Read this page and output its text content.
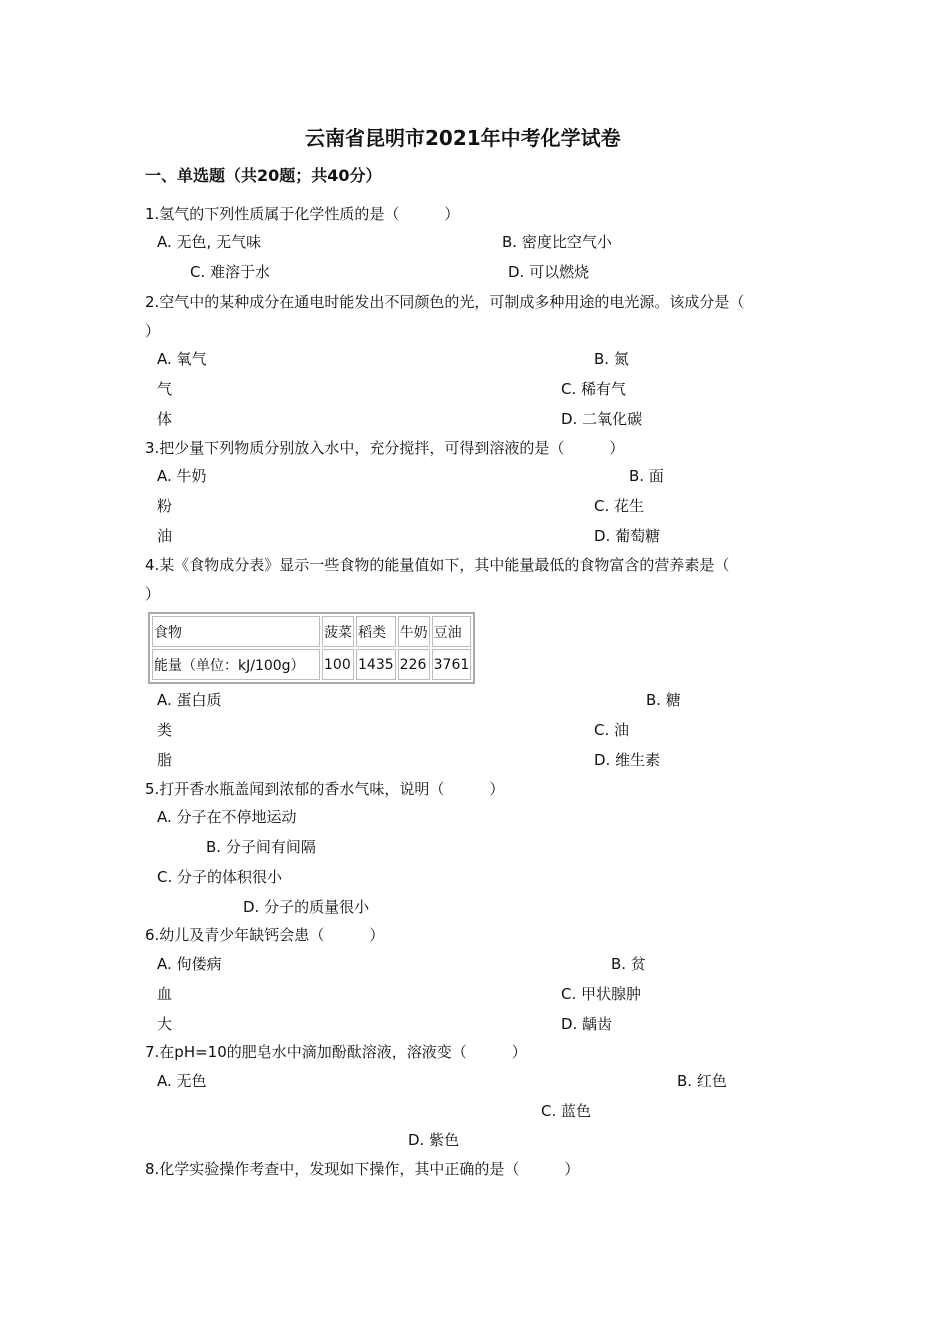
云南省昆明市2021年中考化学试卷
一、单选题（共20题；共40分）
1.氢气的下列性质属于化学性质的是（　　　）
A. 无色, 无气味	B. 密度比空气小
C. 难溶于水	D. 可以燃烧
2.空气中的某种成分在通电时能发出不同颜色的光，可制成多种用途的电光源。该成分是（
）
A. 氧气	B. 氮
气	C. 稀有气
体	D. 二氧化碳
3.把少量下列物质分别放入水中，充分搅拌，可得到溶液的是（　　　）
A. 牛奶	B. 面
粉	C. 花生
油	D. 葡萄糖
4.某《食物成分表》显示一些食物的能量值如下，其中能量最低的食物富含的营养素是（
）
食物	菠菜	稻类	牛奶	豆油
能量（单位：kJ/100g）	100	1435	226	3761
A. 蛋白质	B. 糖
类	C. 油
脂	D. 维生素
5.打开香水瓶盖闻到浓郁的香水气味，说明（　　　）
A. 分子在不停地运动
B. 分子间有间隔
C. 分子的体积很小
D. 分子的质量很小
6.幼儿及青少年缺钙会患（　　　）
A. 佝偻病	B. 贫
血	C. 甲状腺肿
大	D. 龋齿
7.在pH=10的肥皂水中滴加酚酞溶液，溶液变（　　　）
A. 无色	B. 红色
C. 蓝色
D. 紫色
8.化学实验操作考查中，发现如下操作，其中正确的是（　　　）
